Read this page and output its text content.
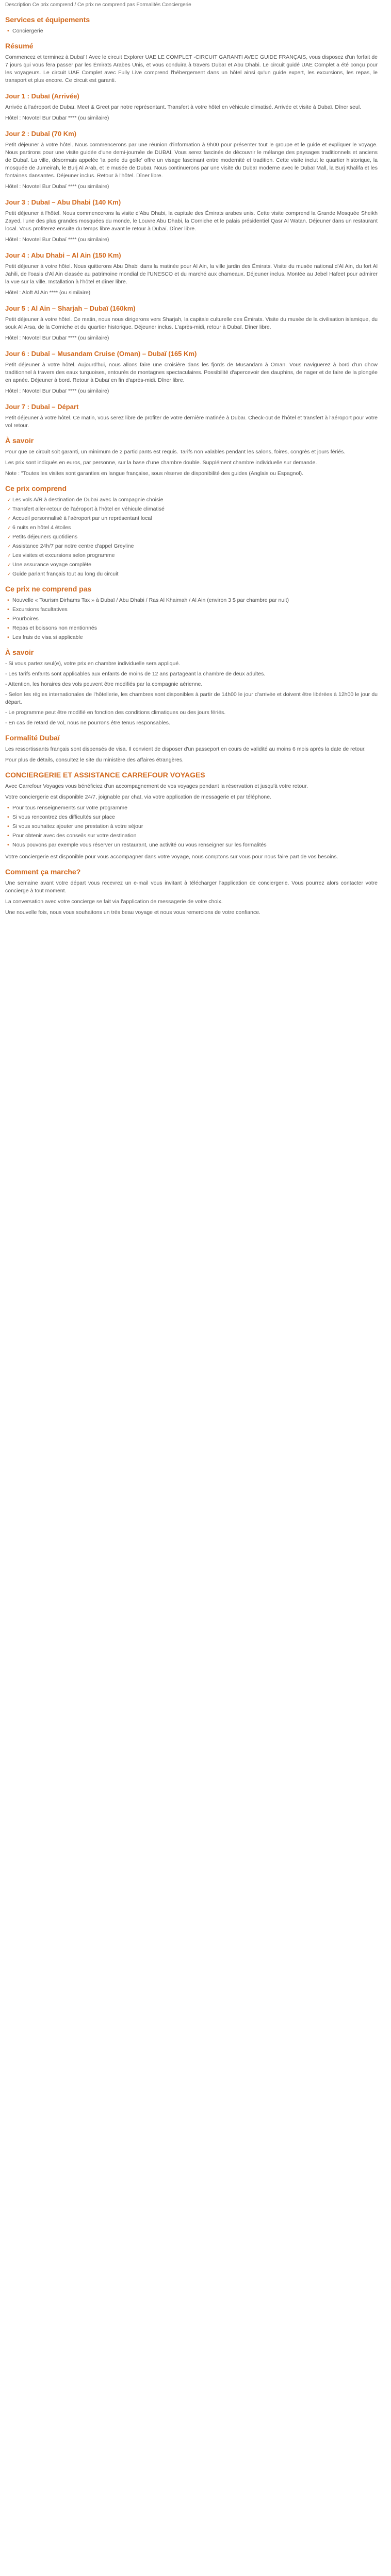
Description Ce prix comprend / Ce prix ne comprend pas Formalités Conciergerie
Services et équipements
• Conciergerie
Résumé

Commencez et terminez à Dubaï ! Avec le circuit Explorer UAE LE COMPLET -CIRCUIT GARANTI AVEC GUIDE FRANÇAIS, vous disposez d'un forfait de 7 jours qui vous fera passer par les Émirats Arabes Unis, et vous conduira à travers Dubaï et Abu Dhabi. Le circuit guidé UAE Complet a été conçu pour les voyageurs. Le circuit UAE Complet avec Fully Live comprend l'hébergement dans un hôtel ainsi qu'un guide expert, les excursions, les repas, le transport et plus encore. Ce circuit est garanti.

Jour 1 : Dubaï (Arrivée)

Arrivée à l'aéroport de Dubaï. Meet & Greet par notre représentant. Transfert à votre hôtel en véhicule climatisé. Arrivée et visite à Dubaï. Dîner seul.

Hôtel : Novotel Bur Dubaï **** (ou similaire)
Jour 2 : Dubaï (70 Km)

Petit déjeuner à votre hôtel. Nous commencerons par une réunion d'information à 9h00 pour présenter tout le groupe et le guide et expliquer le voyage. Nous partirons pour une visite guidée d'une demi-journée de DUBAÏ. Vous serez fascinés de découvrir le mélange des paysages traditionnels et anciens de Dubaï. La ville, désormais appelée 'la perle du golfe' offre un visage fascinant entre modernité et tradition. Cette visite inclut le quartier historique, la mosquée de Jumeirah, le Burj Al Arab, et le musée de Dubaï. Nous continuerons par une visite du Dubaï moderne avec le Dubaï Mall, la Burj Khalifa et les fontaines dansantes. Déjeuner inclus. Retour à l'hôtel. Dîner libre.

Hôtel : Novotel Bur Dubaï **** (ou similaire)
Jour 3 : Dubaï – Abu Dhabi (140 Km)

Petit déjeuner à l'hôtel. Nous commencerons la visite d'Abu Dhabi, la capitale des Émirats arabes unis. Cette visite comprend la Grande Mosquée Sheikh Zayed, l'une des plus grandes mosquées du monde, le Louvre Abu Dhabi, la Corniche et le palais présidentiel Qasr Al Watan. Déjeuner dans un restaurant local. Vous profiterez ensuite du temps libre avant le retour à Dubaï. Dîner libre.

Hôtel : Novotel Bur Dubaï **** (ou similaire)
Jour 4 : Abu Dhabi – Al Ain (150 Km)

Petit déjeuner à votre hôtel. Nous quitterons Abu Dhabi dans la matinée pour Al Ain, la ville jardin des Émirats. Visite du musée national d'Al Ain, du fort Al Jahili, de l'oasis d'Al Ain classée au patrimoine mondial de l'UNESCO et du marché aux chameaux. Déjeuner inclus. Montée au Jebel Hafeet pour admirer la vue sur la ville. Installation à l'hôtel et dîner libre.

Hôtel : Aloft Al Ain **** (ou similaire)
Jour 5 : Al Ain – Sharjah – Dubaï (160km)

Petit déjeuner à votre hôtel. Ce matin, nous nous dirigerons vers Sharjah, la capitale culturelle des Émirats. Visite du musée de la civilisation islamique, du souk Al Arsa, de la Corniche et du quartier historique. Déjeuner inclus. L'après-midi, retour à Dubaï. Dîner libre.

Hôtel : Novotel Bur Dubaï **** (ou similaire)
Jour 6 : Dubaï – Musandam Cruise (Oman) – Dubaï (165 Km)

Petit déjeuner à votre hôtel. Aujourd'hui, nous allons faire une croisière dans les fjords de Musandam à Oman. Vous naviguerez à bord d'un dhow traditionnel à travers des eaux turquoises, entourés de montagnes spectaculaires. Possibilité d'apercevoir des dauphins, de nager et de faire de la plongée en apnée. Déjeuner à bord. Retour à Dubaï en fin d'après-midi. Dîner libre.

Hôtel : Novotel Bur Dubaï **** (ou similaire)
Jour 7 : Dubaï – Départ

Petit déjeuner à votre hôtel. Ce matin, vous serez libre de profiter de votre dernière matinée à Dubaï. Check-out de l'hôtel et transfert à l'aéroport pour votre vol retour.

À savoir

Pour que ce circuit soit garanti, un minimum de 2 participants est requis. Tarifs non valables pendant les salons, foires, congrès et jours fériés.

Les prix sont indiqués en euros, par personne, sur la base d'une chambre double. Supplément chambre individuelle sur demande.

Note : "Toutes les visites sont garanties en langue française, sous réserve de disponibilité des guides (Anglais ou Espagnol).

Ce prix comprend
✓ Les vols A/R à destination de Dubaï avec la compagnie choisie
✓ Transfert aller-retour de l'aéroport à l'hôtel en véhicule climatisé
✓ Accueil personnalisé à l'aéroport par un représentant local
✓ 6 nuits en hôtel 4 étoiles
✓ Petits déjeuners quotidiens
✓ Assistance 24h/7 par notre centre d'appel Greyline
✓ Les visites et excursions selon programme
✓ Une assurance voyage complète
✓ Guide parlant français tout au long du circuit
Ce prix ne comprend pas
• Nouvelle « Tourism Dirhams Tax » à Dubaï / Abu Dhabi / Ras Al Khaimah / Al Ain (environ 3 $ par chambre par nuit)
• Excursions facultatives
• Pourboires
• Repas et boissons non mentionnés
• Les frais de visa si applicable
À savoir

- Si vous partez seul(e), votre prix en chambre individuelle sera appliqué.

- Les tarifs enfants sont applicables aux enfants de moins de 12 ans partageant la chambre de deux adultes.

- Attention, les horaires des vols peuvent être modifiés par la compagnie aérienne.

- Selon les règles internationales de l'hôtellerie, les chambres sont disponibles à partir de 14h00 le jour d'arrivée et doivent être libérées à 12h00 le jour du départ.

- Le programme peut être modifié en fonction des conditions climatiques ou des jours fériés.

- En cas de retard de vol, nous ne pourrons être tenus responsables.

Formalité Dubaï

Les ressortissants français sont dispensés de visa. Il convient de disposer d'un passeport en cours de validité au moins 6 mois après la date de retour.

Pour plus de détails, consultez le site du ministère des affaires étrangères.

CONCIERGERIE ET ASSISTANCE CARREFOUR VOYAGES

Avec Carrefour Voyages vous bénéficiez d'un accompagnement de vos voyages pendant la réservation et jusqu'à votre retour.

Votre conciergerie est disponible 24/7, joignable par chat, via votre application de messagerie et par téléphone.

• Pour tous renseignements sur votre programme
• Si vous rencontrez des difficultés sur place
• Si vous souhaitez ajouter une prestation à votre séjour
• Pour obtenir avec des conseils sur votre destination
• Nous pouvons par exemple vous réserver un restaurant, une activité ou vous renseigner sur les formalités

Votre conciergerie est disponible pour vous accompagner dans votre voyage, nous comptons sur vous pour nous faire part de vos besoins.

Comment ça marche?

Une semaine avant votre départ vous recevrez un e-mail vous invitant à télécharger l'application de conciergerie. Vous pourrez alors contacter votre concierge à tout moment.

La conversation avec votre concierge se fait via l'application de messagerie de votre choix.

Une nouvelle fois, nous vous souhaitons un très beau voyage et nous vous remercions de votre confiance.
